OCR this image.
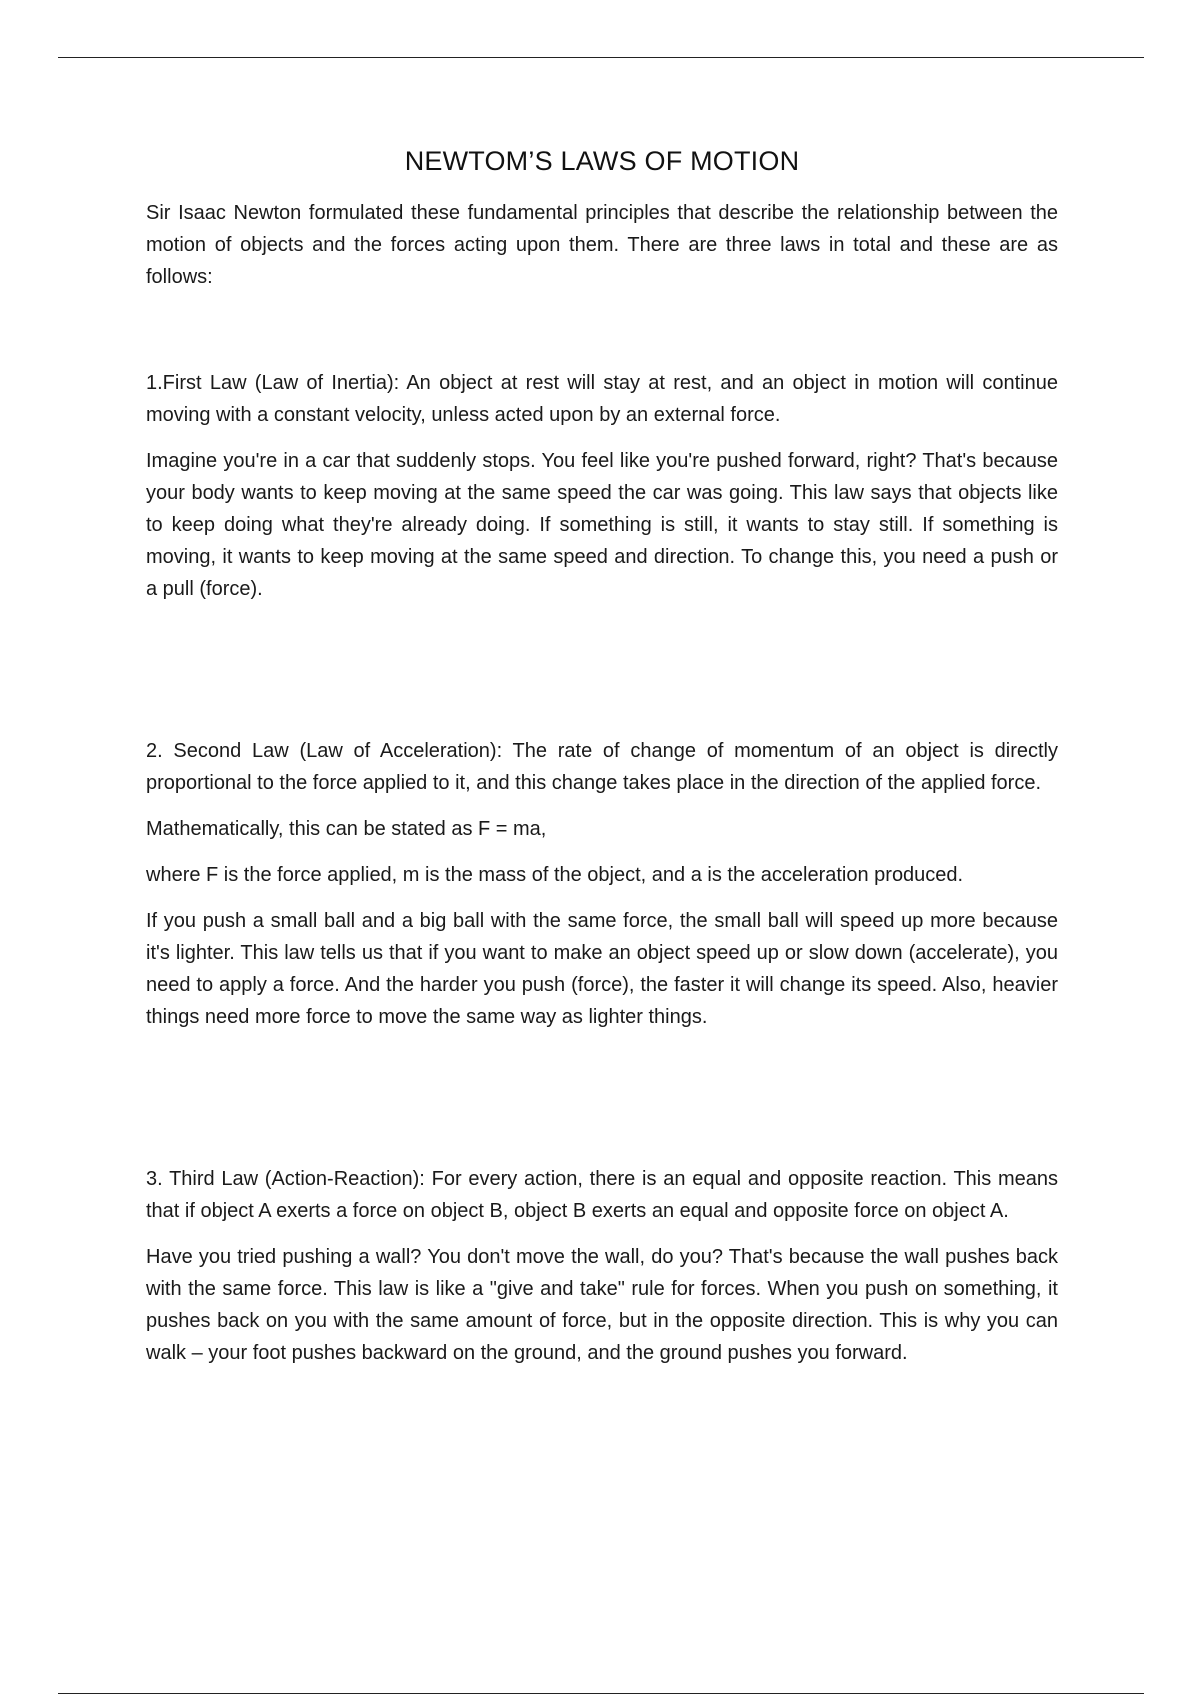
NEWTOM’S LAWS OF MOTION

Sir Isaac Newton formulated these fundamental principles that describe the relationship between the motion of objects and the forces acting upon them. There are three laws in total and these are as follows:

1.First Law (Law of Inertia): An object at rest will stay at rest, and an object in motion will continue moving with a constant velocity, unless acted upon by an external force.

Imagine you're in a car that suddenly stops. You feel like you're pushed forward, right? That's because your body wants to keep moving at the same speed the car was going. This law says that objects like to keep doing what they're already doing. If something is still, it wants to stay still. If something is moving, it wants to keep moving at the same speed and direction. To change this, you need a push or a pull (force).

2. Second Law (Law of Acceleration): The rate of change of momentum of an object is directly proportional to the force applied to it, and this change takes place in the direction of the applied force.

Mathematically, this can be stated as F = ma,

where F is the force applied, m is the mass of the object, and a is the acceleration produced.

If you push a small ball and a big ball with the same force, the small ball will speed up more because it's lighter. This law tells us that if you want to make an object speed up or slow down (accelerate), you need to apply a force. And the harder you push (force), the faster it will change its speed. Also, heavier things need more force to move the same way as lighter things.

3. Third Law (Action-Reaction): For every action, there is an equal and opposite reaction. This means that if object A exerts a force on object B, object B exerts an equal and opposite force on object A.

Have you tried pushing a wall? You don't move the wall, do you? That's because the wall pushes back with the same force. This law is like a "give and take" rule for forces. When you push on something, it pushes back on you with the same amount of force, but in the opposite direction. This is why you can walk – your foot pushes backward on the ground, and the ground pushes you forward.
